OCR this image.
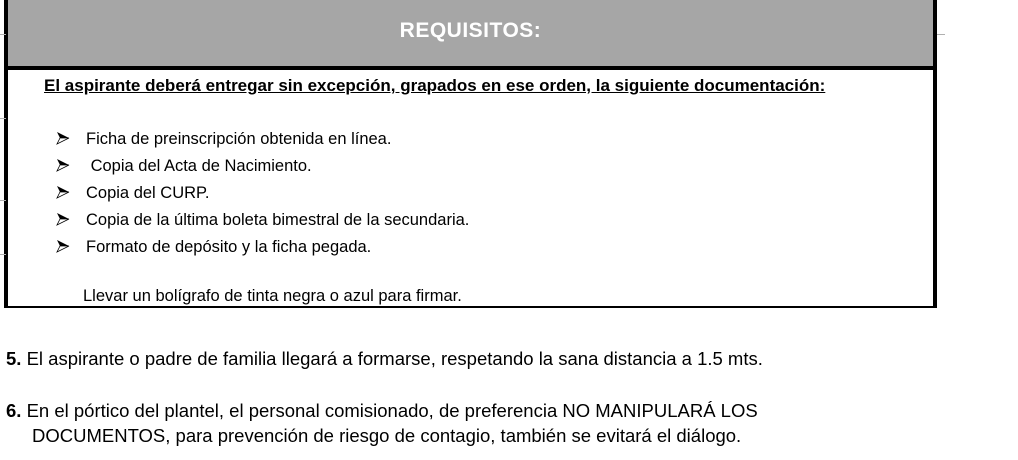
REQUISITOS:
El aspirante deberá entregar sin excepción, grapados en ese orden, la siguiente documentación:
Ficha de preinscripción obtenida en línea.
Copia del Acta de Nacimiento.
Copia del CURP.
Copia de la última boleta bimestral de la secundaria.
Formato de depósito y la ficha pegada.
Llevar un bolígrafo de tinta negra o azul para firmar.
5. El aspirante o padre de familia llegará a formarse, respetando la sana distancia a 1.5 mts.
6. En el pórtico del plantel, el personal comisionado, de preferencia NO MANIPULARÁ LOS
DOCUMENTOS, para prevención de riesgo de contagio, también se evitará el diálogo.
